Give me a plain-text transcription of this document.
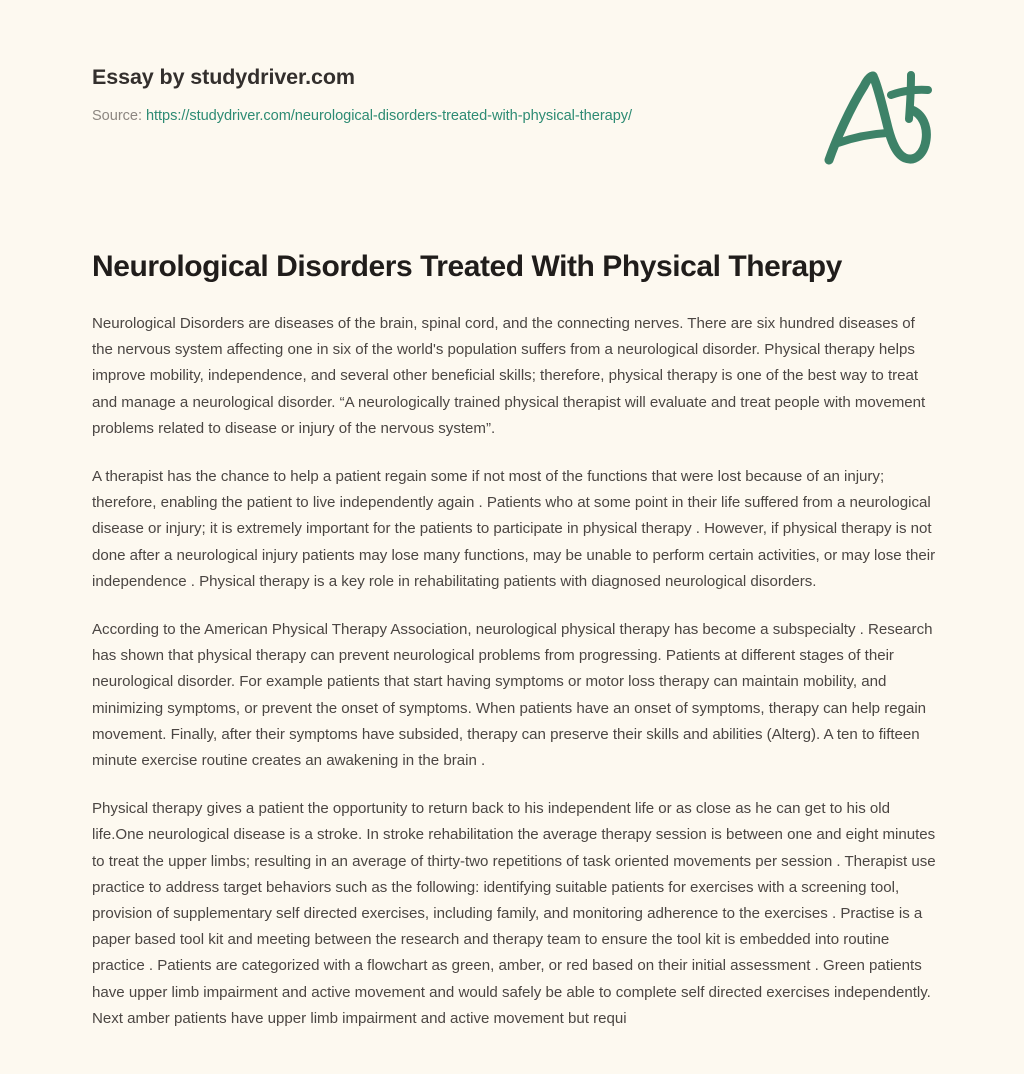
Essay by studydriver.com
Source: https://studydriver.com/neurological-disorders-treated-with-physical-therapy/
Neurological Disorders Treated With Physical Therapy

Neurological Disorders are diseases of the brain, spinal cord, and the connecting nerves. There are six hundred diseases of the nervous system affecting one in six of the world's population suffers from a neurological disorder. Physical therapy helps improve mobility, independence, and several other beneficial skills; therefore, physical therapy is one of the best way to treat and manage a neurological disorder. “A neurologically trained physical therapist will evaluate and treat people with movement problems related to disease or injury of the nervous system”.

A therapist has the chance to help a patient regain some if not most of the functions that were lost because of an injury; therefore, enabling the patient to live independently again . Patients who at some point in their life suffered from a neurological disease or injury; it is extremely important for the patients to participate in physical therapy . However, if physical therapy is not done after a neurological injury patients may lose many functions, may be unable to perform certain activities, or may lose their independence . Physical therapy is a key role in rehabilitating patients with diagnosed neurological disorders.

According to the American Physical Therapy Association, neurological physical therapy has become a subspecialty . Research has shown that physical therapy can prevent neurological problems from progressing. Patients at different stages of their neurological disorder. For example patients that start having symptoms or motor loss therapy can maintain mobility, and minimizing symptoms, or prevent the onset of symptoms. When patients have an onset of symptoms, therapy can help regain movement. Finally, after their symptoms have subsided, therapy can preserve their skills and abilities (Alterg). A ten to fifteen minute exercise routine creates an awakening in the brain .

Physical therapy gives a patient the opportunity to return back to his independent life or as close as he can get to his old life.One neurological disease is a stroke. In stroke rehabilitation the average therapy session is between one and eight minutes to treat the upper limbs; resulting in an average of thirty-two repetitions of task oriented movements per session . Therapist use practice to address target behaviors such as the following: identifying suitable patients for exercises with a screening tool, provision of supplementary self directed exercises, including family, and monitoring adherence to the exercises . Practise is a paper based tool kit and meeting between the research and therapy team to ensure the tool kit is embedded into routine practice . Patients are categorized with a flowchart as green, amber, or red based on their initial assessment . Green patients have upper limb impairment and active movement and would safely be able to complete self directed exercises independently. Next amber patients have upper limb impairment and active movement but requi
